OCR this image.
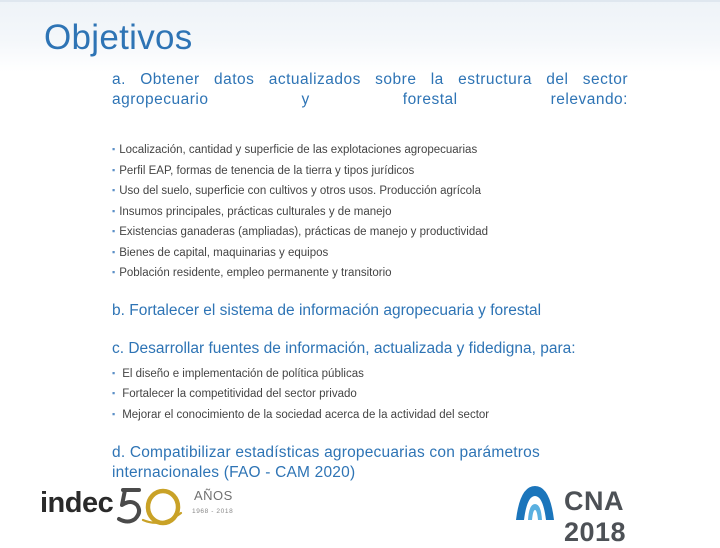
Objetivos

a. Obtener datos actualizados sobre la estructura del sector agropecuario y forestal relevando:

▪ Localización, cantidad y superficie de las explotaciones agropecuarias
▪ Perfil EAP, formas de tenencia de la tierra y tipos jurídicos
▪ Uso del suelo, superficie con cultivos y otros usos. Producción agrícola
▪ Insumos principales, prácticas culturales y de manejo
▪ Existencias ganaderas (ampliadas), prácticas de manejo y productividad
▪ Bienes de capital, maquinarias y equipos
▪ Población residente, empleo permanente y transitorio

b. Fortalecer el sistema de información agropecuaria y forestal

c. Desarrollar fuentes de información, actualizada y fidedigna, para:

▪ El diseño e implementación de política públicas
▪ Fortalecer la competitividad del sector privado
▪ Mejorar el conocimiento de la sociedad acerca de la actividad del sector

d. Compatibilizar estadísticas agropecuarias con parámetros internacionales (FAO - CAM 2020)

indec	AÑOS
1968 - 2018	CNA 2018
